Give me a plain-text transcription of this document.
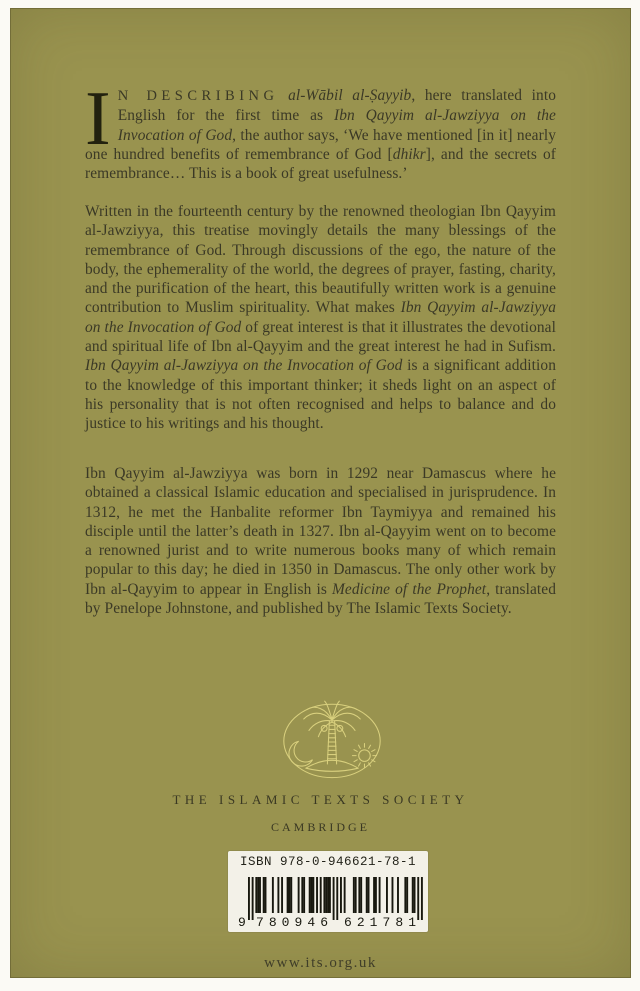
I N DESCRIBING al-Wābil al-Ṣayyib, here translated into English for the first time as Ibn Qayyim al-Jawziyya on the Invocation of God, the author says, ‘We have mentioned [in it] nearly one hundred benefits of remembrance of God [dhikr], and the secrets of remembrance… This is a book of great usefulness.’

Written in the fourteenth century by the renowned theologian Ibn Qayyim al-Jawziyya, this treatise movingly details the many blessings of the remembrance of God. Through discussions of the ego, the nature of the body, the ephemerality of the world, the degrees of prayer, fasting, charity, and the purification of the heart, this beautifully written work is a genuine contribution to Muslim spirituality. What makes Ibn Qayyim al-Jawziyya on the Invocation of God of great interest is that it illustrates the devotional and spiritual life of Ibn al-Qayyim and the great interest he had in Sufism. Ibn Qayyim al-Jawziyya on the Invocation of God is a significant addition to the knowledge of this important thinker; it sheds light on an aspect of his personality that is not often recognised and helps to balance and do justice to his writings and his thought.

Ibn Qayyim al-Jawziyya was born in 1292 near Damascus where he obtained a classical Islamic education and specialised in jurisprudence. In 1312, he met the Hanbalite reformer Ibn Taymiyya and remained his disciple until the latter’s death in 1327. Ibn al-Qayyim went on to become a renowned jurist and to write numerous books many of which remain popular to this day; he died in 1350 in Damascus. The only other work by Ibn al-Qayyim to appear in English is Medicine of the Prophet, translated by Penelope Johnstone, and published by The Islamic Texts Society.

THE ISLAMIC TEXTS SOCIETY
CAMBRIDGE
ISBN 978-0-946621-78-1
9 780946 621781
www.its.org.uk
